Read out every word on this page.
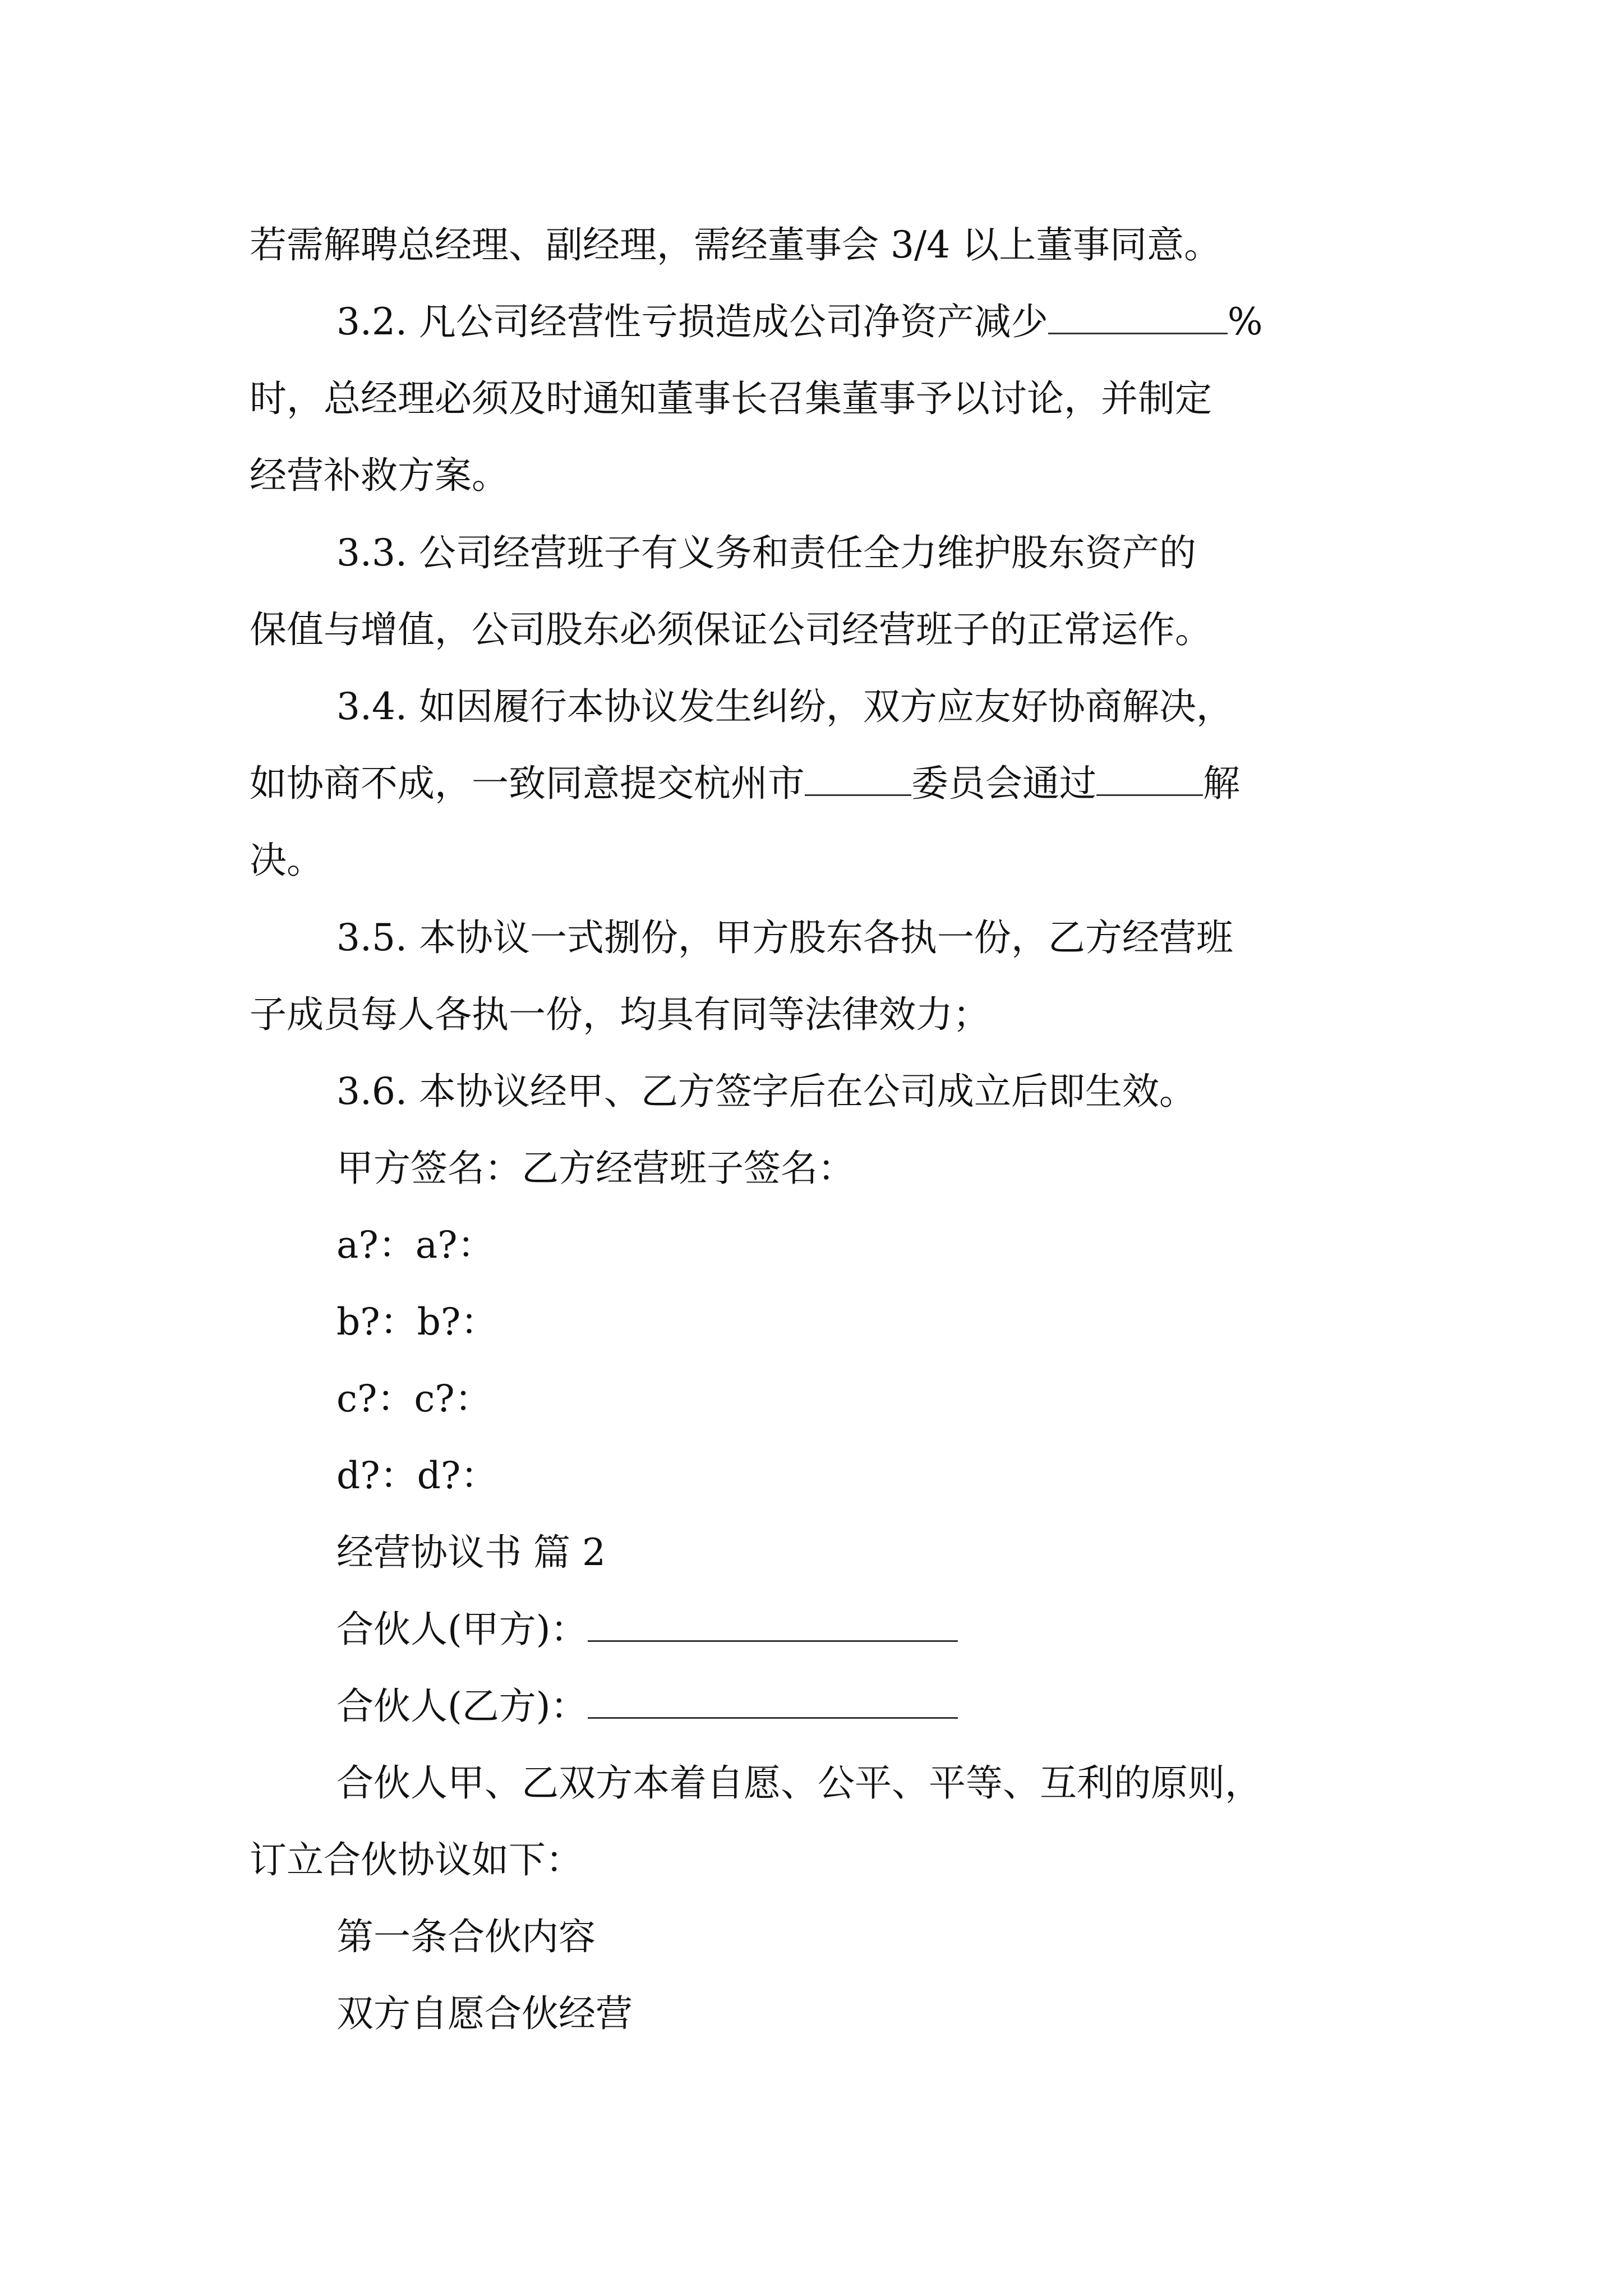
若需解聘总经理、副经理，需经董事会 3/4 以上董事同意。

3.2. 凡公司经营性亏损造成公司净资产减少	%
时，总经理必须及时通知董事长召集董事予以讨论，并制定
经营补救方案。

3.3. 公司经营班子有义务和责任全力维护股东资产的
保值与增值，公司股东必须保证公司经营班子的正常运作。

3.4. 如因履行本协议发生纠纷，双方应友好协商解决，
如协商不成，一致同意提交杭州市	委员会通过	解
决。

3.5. 本协议一式捌份，甲方股东各执一份，乙方经营班
子成员每人各执一份，均具有同等法律效力；

3.6. 本协议经甲、乙方签字后在公司成立后即生效。

甲方签名：乙方经营班子签名：
a?：a?：
b?：b?：
c?：c?：
d?：d?：
经营协议书 篇 2
合伙人(甲方)：
合伙人(乙方)：
合伙人甲、乙双方本着自愿、公平、平等、互利的原则，
订立合伙协议如下：
第一条合伙内容
双方自愿合伙经营
